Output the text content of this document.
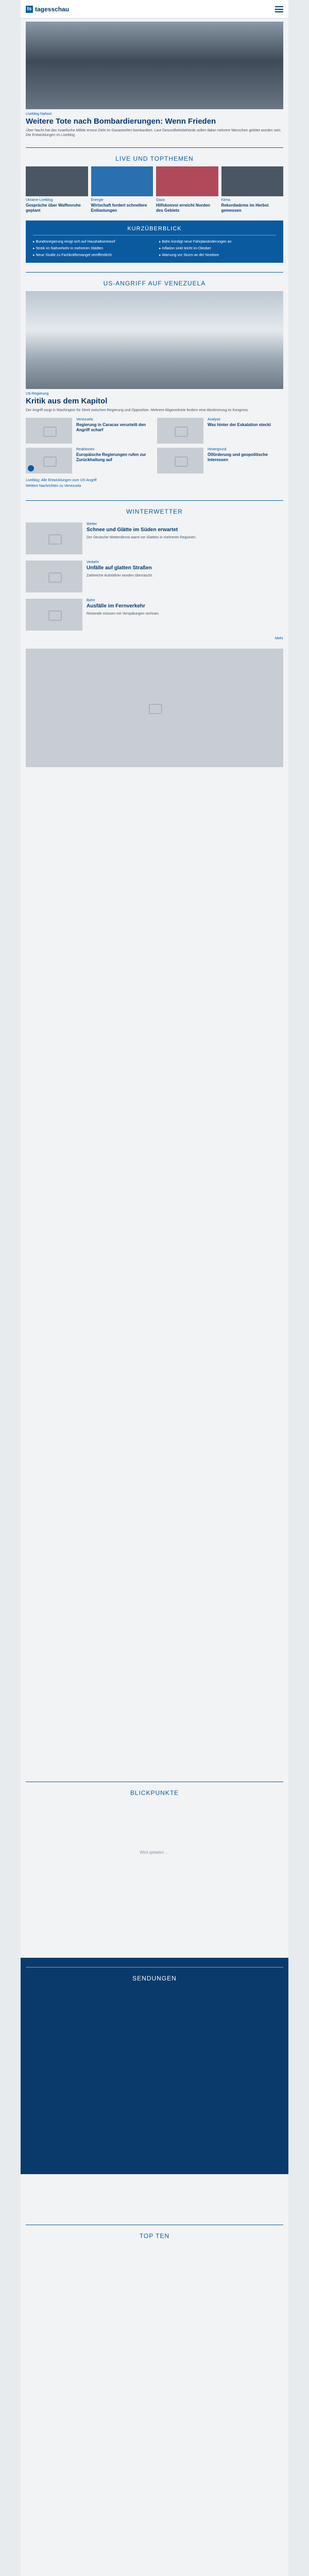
ts tagesschau
Liveblog Nahost
Weitere Tote nach Bombardierungen: Wenn Frieden
Über Nacht hat das Israelische Militär erneut Ziele im Gazastreifen bombardiert. Laut Gesundheitsbehörde sollen dabei mehrere Menschen getötet worden sein. Die Entwicklungen im Liveblog.
LIVE UND TOPTHEMEN
Ukraine-Liveblog
Gespräche über Waffenruhe geplant
Energie
Wirtschaft fordert schnellere Entlastungen
Gaza
Hilfskonvoi erreicht Norden des Gebiets
Klima
Rekordwärme im Herbst gemessen
KURZÜBERBLICK
▸ Bundesregierung einigt sich auf Haushaltsentwurf	▸ Bahn kündigt neue Fahrplanänderungen an
▸ Streik im Nahverkehr in mehreren Städten	▸ Inflation sinkt leicht im Oktober
▸ Neue Studie zu Fachkräftemangel veröffentlicht	▸ Warnung vor Sturm an der Nordsee
US-ANGRIFF AUF VENEZUELA
US-Regierung
Kritik aus dem Kapitol
Der Angriff sorgt in Washington für Streit zwischen Regierung und Opposition. Mehrere Abgeordnete fordern eine Abstimmung im Kongress.
Venezuela
Regierung in Caracas verurteilt den Angriff scharf
Reaktionen
Europäische Regierungen rufen zur Zurückhaltung auf
Analyse
Was hinter der Eskalation steckt
Hintergrund
Ölförderung und geopolitische Interessen
Liveblog: Alle Entwicklungen zum US-Angriff
Weitere Nachrichten zu Venezuela
WINTERWETTER
Wetter
Schnee und Glätte im Süden erwartet
Der Deutsche Wetterdienst warnt vor Glatteis in mehreren Regionen.
Verkehr
Unfälle auf glatten Straßen
Zahlreiche Autofahrer wurden überrascht.
Bahn
Ausfälle im Fernverkehr
Reisende müssen mit Verspätungen rechnen.
Mehr
BLICKPUNKTE
Wird geladen …
SENDUNGEN
TOP TEN
